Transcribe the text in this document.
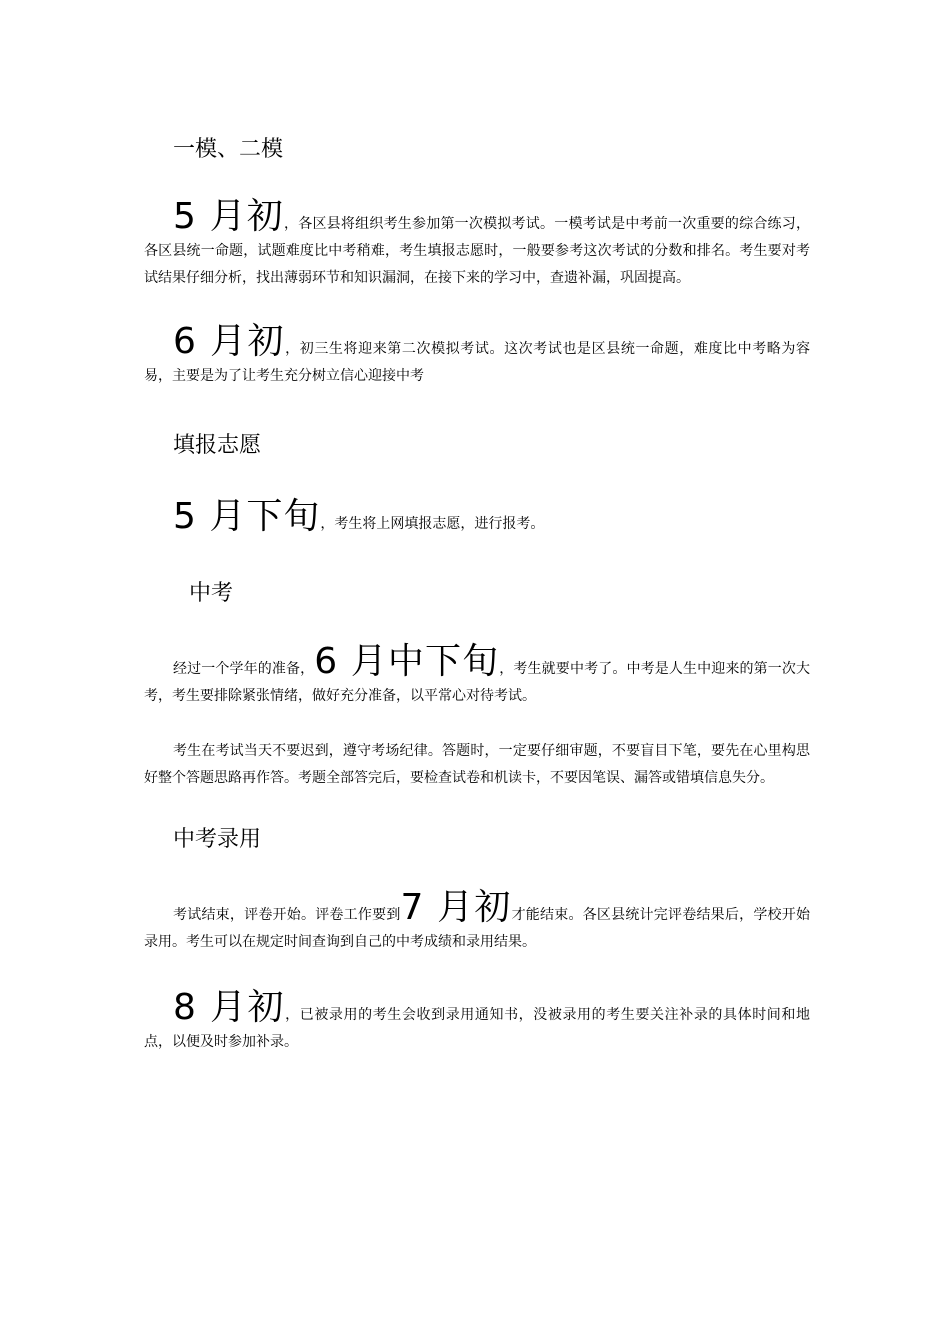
一模、二模
5 月初，各区县将组织考生参加第一次模拟考试。一模考试是中考前一次重要的综合练习，各区县统一命题，试题难度比中考稍难，考生填报志愿时，一般要参考这次考试的分数和排名。考生要对考试结果仔细分析，找出薄弱环节和知识漏洞，在接下来的学习中，查遗补漏，巩固提高。
6 月初，初三生将迎来第二次模拟考试。这次考试也是区县统一命题，难度比中考略为容易，主要是为了让考生充分树立信心迎接中考
填报志愿
5 月下旬，考生将上网填报志愿，进行报考。
中考
经过一个学年的准备，6 月中下旬，考生就要中考了。中考是人生中迎来的第一次大考，考生要排除紧张情绪，做好充分准备，以平常心对待考试。
考生在考试当天不要迟到，遵守考场纪律。答题时，一定要仔细审题，不要盲目下笔，要先在心里构思好整个答题思路再作答。考题全部答完后，要检查试卷和机读卡，不要因笔误、漏答或错填信息失分。
中考录用
考试结束，评卷开始。评卷工作要到7 月初才能结束。各区县统计完评卷结果后，学校开始录用。考生可以在规定时间查询到自己的中考成绩和录用结果。
8 月初，已被录用的考生会收到录用通知书，没被录用的考生要关注补录的具体时间和地点，以便及时参加补录。
